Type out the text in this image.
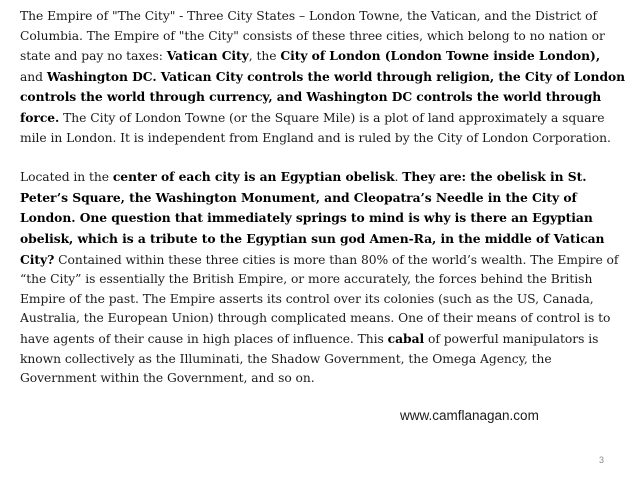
The Empire of "The City" - Three City States – London Towne, the Vatican, and the District of Columbia. The Empire of "the City" consists of these three cities, which belong to no nation or state and pay no taxes: Vatican City, the City of London (London Towne inside London), and Washington DC. Vatican City controls the world through religion, the City of London controls the world through currency, and Washington DC controls the world through force. The City of London Towne (or the Square Mile) is a plot of land approximately a square mile in London. It is independent from England and is ruled by the City of London Corporation.

Located in the center of each city is an Egyptian obelisk. They are: the obelisk in St. Peter’s Square, the Washington Monument, and Cleopatra’s Needle in the City of London. One question that immediately springs to mind is why is there an Egyptian obelisk, which is a tribute to the Egyptian sun god Amen-Ra, in the middle of Vatican City? Contained within these three cities is more than 80% of the world’s wealth. The Empire of “the City” is essentially the British Empire, or more accurately, the forces behind the British Empire of the past. The Empire asserts its control over its colonies (such as the US, Canada, Australia, the European Union) through complicated means. One of their means of control is to have agents of their cause in high places of influence. This cabal of powerful manipulators is known collectively as the Illuminati, the Shadow Government, the Omega Agency, the Government within the Government, and so on.

www.camflanagan.com
3
